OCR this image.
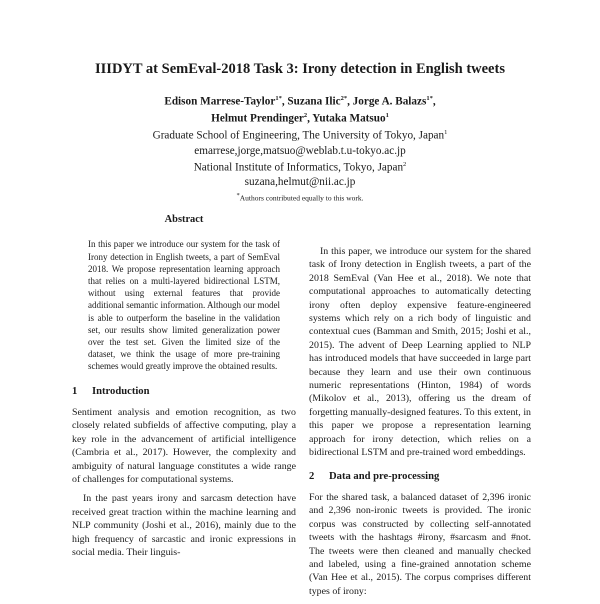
IIIDYT at SemEval-2018 Task 3: Irony detection in English tweets
Edison Marrese-Taylor$^{1*}$, Suzana Ilic$^{2*}$, Jorge A. Balazs$^{1*}$,
Helmut Prendinger$^2$, Yutaka Matsuo$^1$
Graduate School of Engineering, The University of Tokyo, Japan$^1$
emarrese,jorge,matsuo@weblab.t.u-tokyo.ac.jp
National Institute of Informatics, Tokyo, Japan$^2$
suzana,helmut@nii.ac.jp
*Authors contributed equally to this work.
Abstract
In this paper we introduce our system for the task of Irony detection in English tweets, a part of SemEval 2018. We propose representation learning approach that relies on a multi-layered bidirectional LSTM, without using external features that provide additional semantic information. Although our model is able to outperform the baseline in the validation set, our results show limited generalization power over the test set. Given the limited size of the dataset, we think the usage of more pre-training schemes would greatly improve the obtained results.
1 Introduction

Sentiment analysis and emotion recognition, as two closely related subfields of affective computing, play a key role in the advancement of artificial intelligence (Cambria et al., 2017). However, the complexity and ambiguity of natural language constitutes a wide range of challenges for computational systems.

In the past years irony and sarcasm detection have received great traction within the machine learning and NLP community (Joshi et al., 2016), mainly due to the high frequency of sarcastic and ironic expressions in social media. Their linguis-

In this paper, we introduce our system for the shared task of Irony detection in English tweets, a part of the 2018 SemEval (Van Hee et al., 2018). We note that computational approaches to automatically detecting irony often deploy expensive feature-engineered systems which rely on a rich body of linguistic and contextual cues (Bamman and Smith, 2015; Joshi et al., 2015). The advent of Deep Learning applied to NLP has introduced models that have succeeded in large part because they learn and use their own continuous numeric representations (Hinton, 1984) of words (Mikolov et al., 2013), offering us the dream of forgetting manually-designed features. To this extent, in this paper we propose a representation learning approach for irony detection, which relies on a bidirectional LSTM and pre-trained word embeddings.

2 Data and pre-processing

For the shared task, a balanced dataset of 2,396 ironic and 2,396 non-ironic tweets is provided. The ironic corpus was constructed by collecting self-annotated tweets with the hashtags #irony, #sarcasm and #not. The tweets were then cleaned and manually checked and labeled, using a fine-grained annotation scheme (Van Hee et al., 2015). The corpus comprises different types of irony:
